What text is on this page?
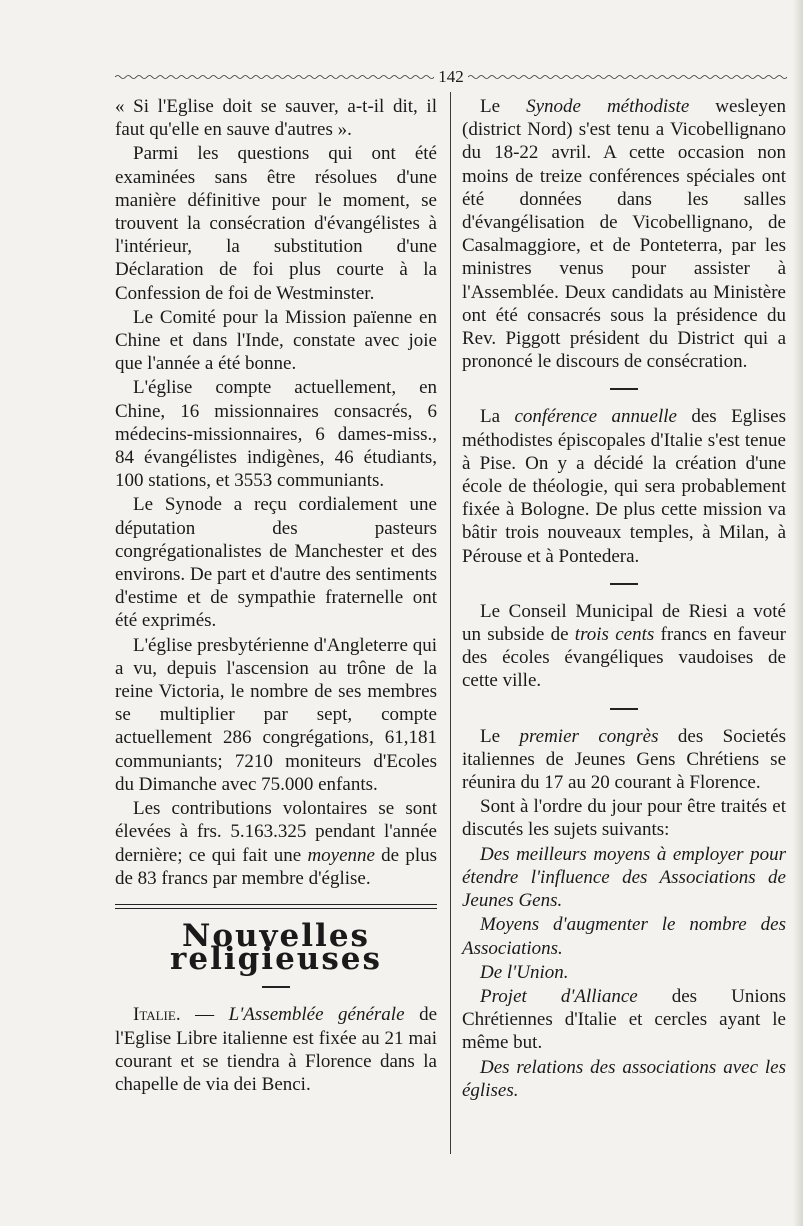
142

« Si l'Eglise doit se sauver, a-t-il dit, il faut qu'elle en sauve d'autres ».

Parmi les questions qui ont été examinées sans être résolues d'une manière définitive pour le moment, se trouvent la consécration d'évangélistes à l'intérieur, la substitution d'une Déclaration de foi plus courte à la Confession de foi de Westminster.

Le Comité pour la Mission païenne en Chine et dans l'Inde, constate avec joie que l'année a été bonne.

L'église compte actuellement, en Chine, 16 missionnaires consacrés, 6 médecins-missionnaires, 6 dames-miss., 84 évangélistes indigènes, 46 étudiants, 100 stations, et 3553 communiants.

Le Synode a reçu cordialement une députation des pasteurs congrégationalistes de Manchester et des environs. De part et d'autre des sentiments d'estime et de sympathie fraternelle ont été exprimés.

L'église presbytérienne d'Angleterre qui a vu, depuis l'ascension au trône de la reine Victoria, le nombre de ses membres se multiplier par sept, compte actuellement 286 congrégations, 61,181 communiants; 7210 moniteurs d'Ecoles du Dimanche avec 75.000 enfants.

Les contributions volontaires se sont élevées à frs. 5.163.325 pendant l'année dernière; ce qui fait une moyenne de plus de 83 francs par membre d'église.

Nouvelles religieuses

Italie. — L'Assemblée générale de l'Eglise Libre italienne est fixée au 21 mai courant et se tiendra à Florence dans la chapelle de via dei Benci.

Le Synode méthodiste wesleyen (district Nord) s'est tenu a Vicobellignano du 18-22 avril. A cette occasion non moins de treize conférences spéciales ont été données dans les salles d'évangélisation de Vicobellignano, de Casalmaggiore, et de Ponteterra, par les ministres venus pour assister à l'Assemblée. Deux candidats au Ministère ont été consacrés sous la présidence du Rev. Piggott président du District qui a prononcé le discours de consécration.

La conférence annuelle des Eglises méthodistes épiscopales d'Italie s'est tenue à Pise. On y a décidé la création d'une école de théologie, qui sera probablement fixée à Bologne. De plus cette mission va bâtir trois nouveaux temples, à Milan, à Pérouse et à Pontedera.

Le Conseil Municipal de Riesi a voté un subside de trois cents francs en faveur des écoles évangéliques vaudoises de cette ville.

Le premier congrès des Societés italiennes de Jeunes Gens Chrétiens se réunira du 17 au 20 courant à Florence.

Sont à l'ordre du jour pour être traités et discutés les sujets suivants:

Des meilleurs moyens à employer pour étendre l'influence des Associations de Jeunes Gens.

Moyens d'augmenter le nombre des Associations.

De l'Union.

Projet d'Alliance des Unions Chrétiennes d'Italie et cercles ayant le même but.

Des relations des associations avec les églises.
